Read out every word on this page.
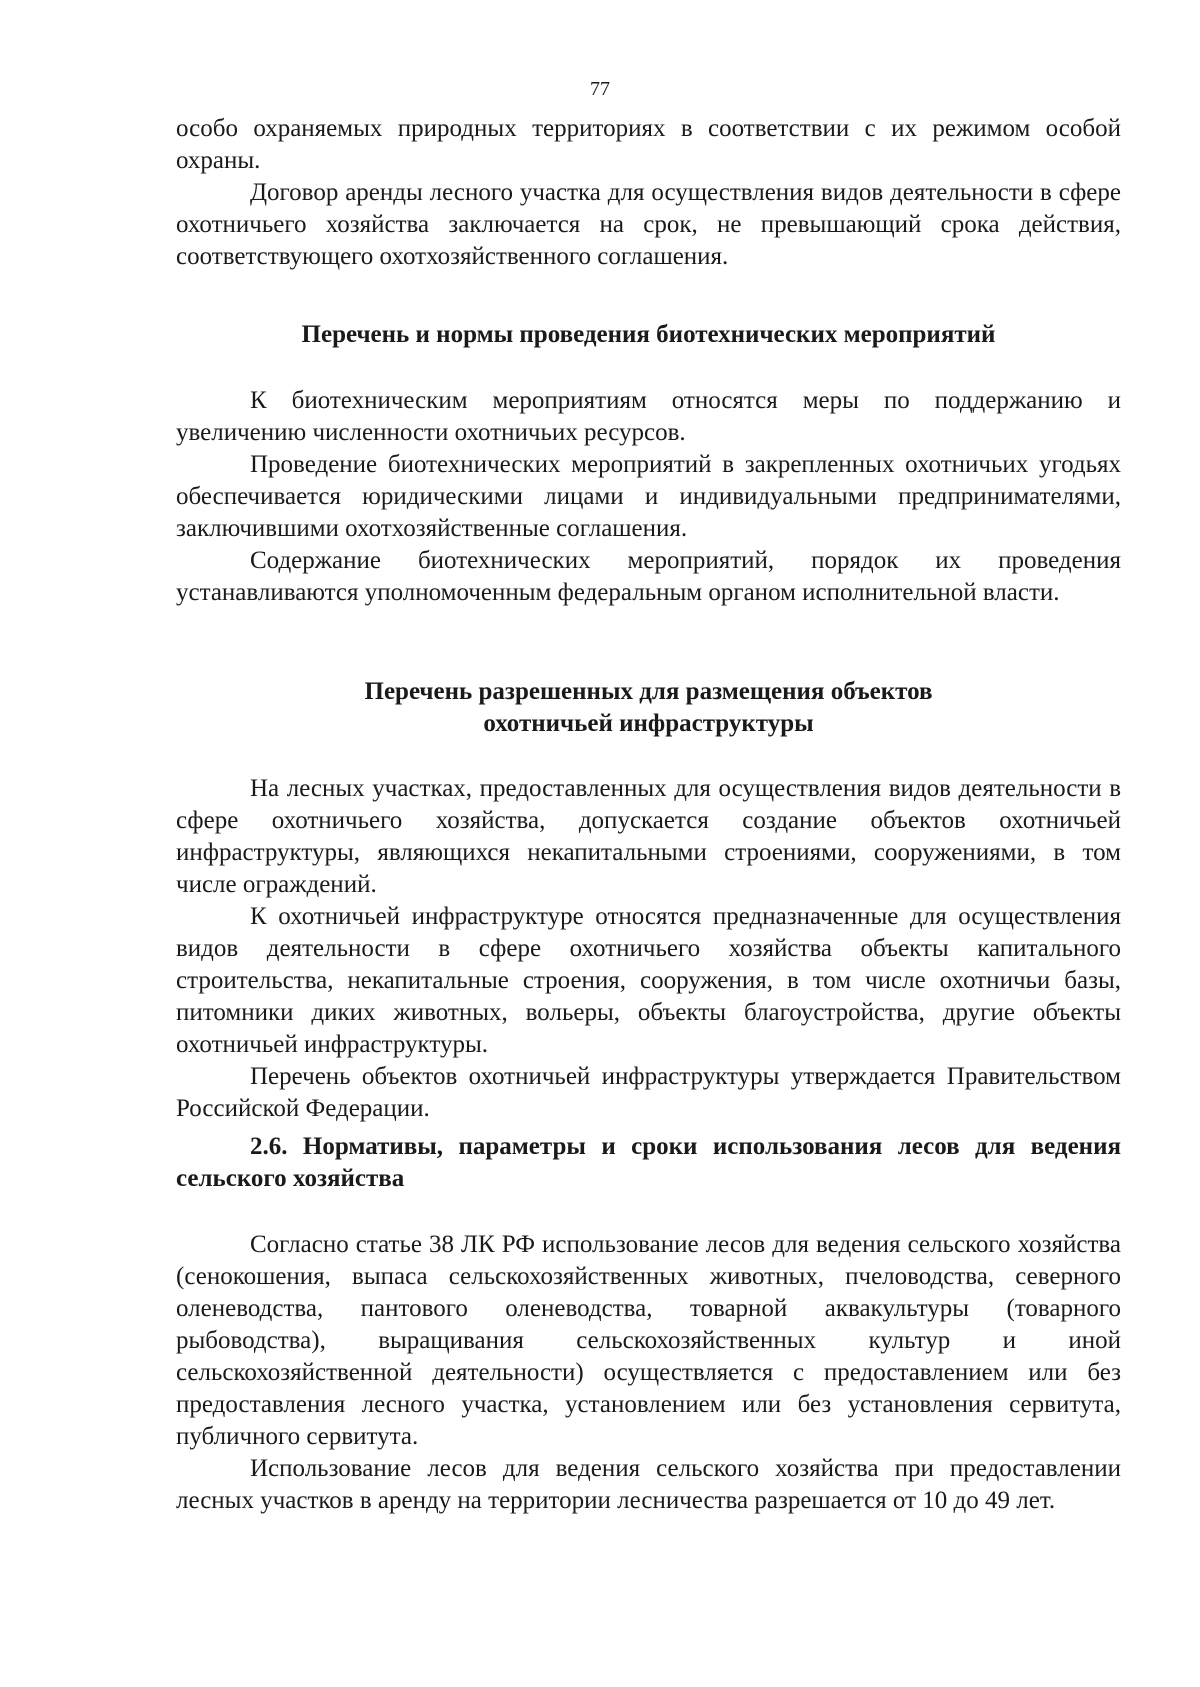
77

особо охраняемых природных территориях в соответствии с их режимом особой охраны.

Договор аренды лесного участка для осуществления видов деятельности в сфере охотничьего хозяйства заключается на срок, не превышающий срока действия, соответствующего охотхозяйственного соглашения.

Перечень и нормы проведения биотехнических мероприятий

К биотехническим мероприятиям относятся меры по поддержанию и увеличению численности охотничьих ресурсов.

Проведение биотехнических мероприятий в закрепленных охотничьих угодьях обеспечивается юридическими лицами и индивидуальными предпринимателями, заключившими охотхозяйственные соглашения.

Содержание биотехнических мероприятий, порядок их проведения устанавливаются уполномоченным федеральным органом исполнительной власти.

Перечень разрешенных для размещения объектов
охотничьей инфраструктуры

На лесных участках, предоставленных для осуществления видов деятельности в сфере охотничьего хозяйства, допускается создание объектов охотничьей инфраструктуры, являющихся некапитальными строениями, сооружениями, в том числе ограждений.

К охотничьей инфраструктуре относятся предназначенные для осуществления видов деятельности в сфере охотничьего хозяйства объекты капитального строительства, некапитальные строения, сооружения, в том числе охотничьи базы, питомники диких животных, вольеры, объекты благоустройства, другие объекты охотничьей инфраструктуры.

Перечень объектов охотничьей инфраструктуры утверждается Правительством Российской Федерации.

2.6. Нормативы, параметры и сроки использования лесов для ведения сельского хозяйства

Согласно статье 38 ЛК РФ использование лесов для ведения сельского хозяйства (сенокошения, выпаса сельскохозяйственных животных, пчеловодства, северного оленеводства, пантового оленеводства, товарной аквакультуры (товарного рыбоводства), выращивания сельскохозяйственных культур и иной сельскохозяйственной деятельности) осуществляется с предоставлением или без предоставления лесного участка, установлением или без установления сервитута, публичного сервитута.

Использование лесов для ведения сельского хозяйства при предоставлении лесных участков в аренду на территории лесничества разрешается от 10 до 49 лет.
